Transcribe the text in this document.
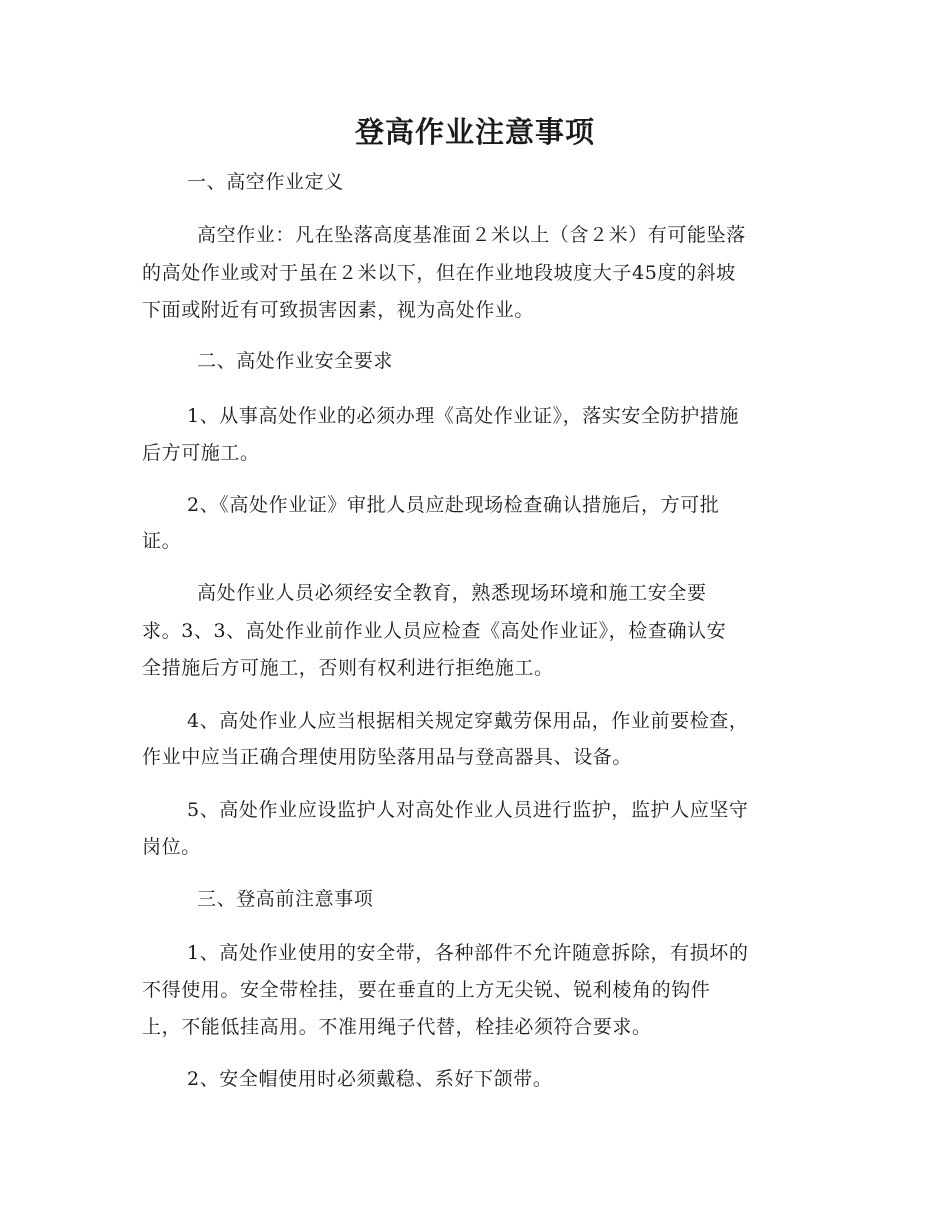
登高作业注意事项
一、高空作业定义
高空作业：凡在坠落高度基准面２米以上（含２米）有可能坠落
的高处作业或对于虽在２米以下，但在作业地段坡度大子45度的斜坡
下面或附近有可致损害因素，视为高处作业。
二、高处作业安全要求
1、从事高处作业的必须办理《高处作业证》，落实安全防护措施
后方可施工。
2、《高处作业证》审批人员应赴现场检查确认措施后，方可批
证。
高处作业人员必须经安全教育，熟悉现场环境和施工安全要
求。3、3、高处作业前作业人员应检查《高处作业证》，检查确认安
全措施后方可施工，否则有权利进行拒绝施工。
4、高处作业人应当根据相关规定穿戴劳保用品，作业前要检查，
作业中应当正确合理使用防坠落用品与登高器具、设备。
5、高处作业应设监护人对高处作业人员进行监护，监护人应坚守
岗位。
三、登高前注意事项
1、高处作业使用的安全带，各种部件不允许随意拆除，有损坏的
不得使用。安全带栓挂，要在垂直的上方无尖锐、锐利棱角的钩件
上，不能低挂高用。不准用绳子代替，栓挂必须符合要求。
2、安全帽使用时必须戴稳、系好下颌带。
